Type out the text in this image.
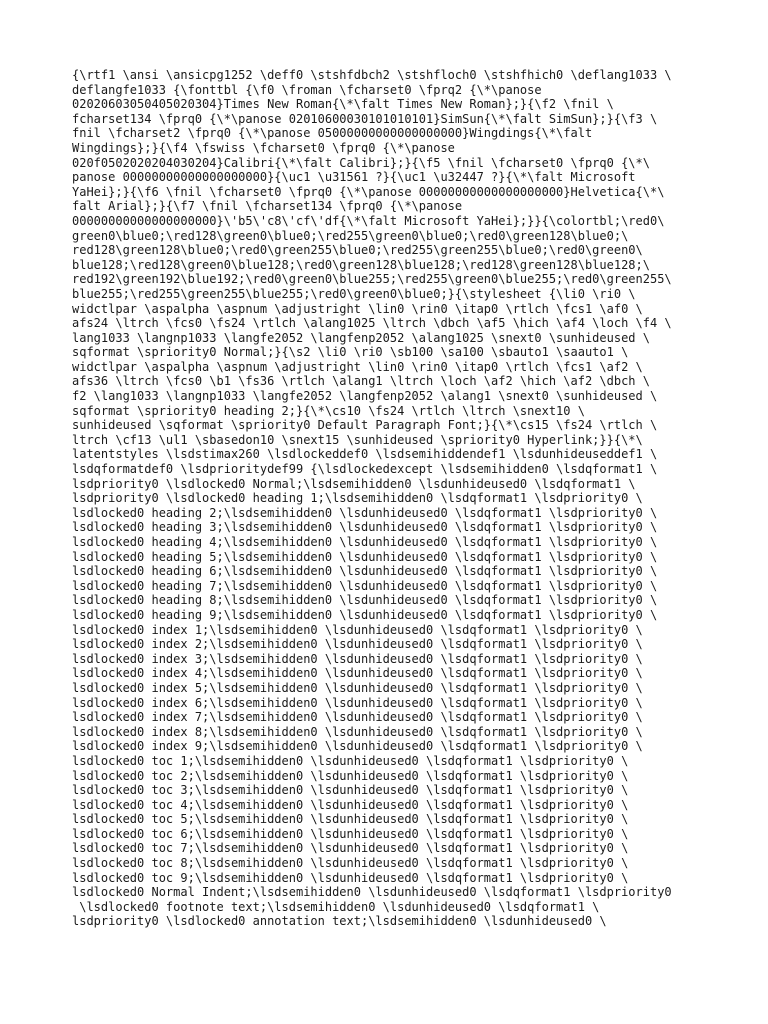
{\rtf1 \ansi \ansicpg1252 \deff0 \stshfdbch2 \stshfloch0 \stshfhich0 \deflang1033 \
deflangfe1033 {\fonttbl {\f0 \froman \fcharset0 \fprq2 {\*\panose
02020603050405020304}Times New Roman{\*\falt Times New Roman};}{\f2 \fnil \
fcharset134 \fprq0 {\*\panose 02010600030101010101}SimSun{\*\falt SimSun};}{\f3 \
fnil \fcharset2 \fprq0 {\*\panose 05000000000000000000}Wingdings{\*\falt
Wingdings};}{\f4 \fswiss \fcharset0 \fprq0 {\*\panose
020f0502020204030204}Calibri{\*\falt Calibri};}{\f5 \fnil \fcharset0 \fprq0 {\*\
panose 00000000000000000000}{\uc1 \u31561 ?}{\uc1 \u32447 ?}{\*\falt Microsoft
YaHei};}{\f6 \fnil \fcharset0 \fprq0 {\*\panose 00000000000000000000}Helvetica{\*\
falt Arial};}{\f7 \fnil \fcharset134 \fprq0 {\*\panose
00000000000000000000}\'b5\'c8\'cf\'df{\*\falt Microsoft YaHei};}}{\colortbl;\red0\
green0\blue0;\red128\green0\blue0;\red255\green0\blue0;\red0\green128\blue0;\
red128\green128\blue0;\red0\green255\blue0;\red255\green255\blue0;\red0\green0\
blue128;\red128\green0\blue128;\red0\green128\blue128;\red128\green128\blue128;\
red192\green192\blue192;\red0\green0\blue255;\red255\green0\blue255;\red0\green255\
blue255;\red255\green255\blue255;\red0\green0\blue0;}{\stylesheet {\li0 \ri0 \
widctlpar \aspalpha \aspnum \adjustright \lin0 \rin0 \itap0 \rtlch \fcs1 \af0 \
afs24 \ltrch \fcs0 \fs24 \rtlch \alang1025 \ltrch \dbch \af5 \hich \af4 \loch \f4 \
lang1033 \langnp1033 \langfe2052 \langfenp2052 \alang1025 \snext0 \sunhideused \
sqformat \spriority0 Normal;}{\s2 \li0 \ri0 \sb100 \sa100 \sbauto1 \saauto1 \
widctlpar \aspalpha \aspnum \adjustright \lin0 \rin0 \itap0 \rtlch \fcs1 \af2 \
afs36 \ltrch \fcs0 \b1 \fs36 \rtlch \alang1 \ltrch \loch \af2 \hich \af2 \dbch \
f2 \lang1033 \langnp1033 \langfe2052 \langfenp2052 \alang1 \snext0 \sunhideused \
sqformat \spriority0 heading 2;}{\*\cs10 \fs24 \rtlch \ltrch \snext10 \
sunhideused \sqformat \spriority0 Default Paragraph Font;}{\*\cs15 \fs24 \rtlch \
ltrch \cf13 \ul1 \sbasedon10 \snext15 \sunhideused \spriority0 Hyperlink;}}{\*\
latentstyles \lsdstimax260 \lsdlockeddef0 \lsdsemihiddendef1 \lsdunhideuseddef1 \
lsdqformatdef0 \lsdprioritydef99 {\lsdlockedexcept \lsdsemihidden0 \lsdqformat1 \
lsdpriority0 \lsdlocked0 Normal;\lsdsemihidden0 \lsdunhideused0 \lsdqformat1 \
lsdpriority0 \lsdlocked0 heading 1;\lsdsemihidden0 \lsdqformat1 \lsdpriority0 \
lsdlocked0 heading 2;\lsdsemihidden0 \lsdunhideused0 \lsdqformat1 \lsdpriority0 \
lsdlocked0 heading 3;\lsdsemihidden0 \lsdunhideused0 \lsdqformat1 \lsdpriority0 \
lsdlocked0 heading 4;\lsdsemihidden0 \lsdunhideused0 \lsdqformat1 \lsdpriority0 \
lsdlocked0 heading 5;\lsdsemihidden0 \lsdunhideused0 \lsdqformat1 \lsdpriority0 \
lsdlocked0 heading 6;\lsdsemihidden0 \lsdunhideused0 \lsdqformat1 \lsdpriority0 \
lsdlocked0 heading 7;\lsdsemihidden0 \lsdunhideused0 \lsdqformat1 \lsdpriority0 \
lsdlocked0 heading 8;\lsdsemihidden0 \lsdunhideused0 \lsdqformat1 \lsdpriority0 \
lsdlocked0 heading 9;\lsdsemihidden0 \lsdunhideused0 \lsdqformat1 \lsdpriority0 \
lsdlocked0 index 1;\lsdsemihidden0 \lsdunhideused0 \lsdqformat1 \lsdpriority0 \
lsdlocked0 index 2;\lsdsemihidden0 \lsdunhideused0 \lsdqformat1 \lsdpriority0 \
lsdlocked0 index 3;\lsdsemihidden0 \lsdunhideused0 \lsdqformat1 \lsdpriority0 \
lsdlocked0 index 4;\lsdsemihidden0 \lsdunhideused0 \lsdqformat1 \lsdpriority0 \
lsdlocked0 index 5;\lsdsemihidden0 \lsdunhideused0 \lsdqformat1 \lsdpriority0 \
lsdlocked0 index 6;\lsdsemihidden0 \lsdunhideused0 \lsdqformat1 \lsdpriority0 \
lsdlocked0 index 7;\lsdsemihidden0 \lsdunhideused0 \lsdqformat1 \lsdpriority0 \
lsdlocked0 index 8;\lsdsemihidden0 \lsdunhideused0 \lsdqformat1 \lsdpriority0 \
lsdlocked0 index 9;\lsdsemihidden0 \lsdunhideused0 \lsdqformat1 \lsdpriority0 \
lsdlocked0 toc 1;\lsdsemihidden0 \lsdunhideused0 \lsdqformat1 \lsdpriority0 \
lsdlocked0 toc 2;\lsdsemihidden0 \lsdunhideused0 \lsdqformat1 \lsdpriority0 \
lsdlocked0 toc 3;\lsdsemihidden0 \lsdunhideused0 \lsdqformat1 \lsdpriority0 \
lsdlocked0 toc 4;\lsdsemihidden0 \lsdunhideused0 \lsdqformat1 \lsdpriority0 \
lsdlocked0 toc 5;\lsdsemihidden0 \lsdunhideused0 \lsdqformat1 \lsdpriority0 \
lsdlocked0 toc 6;\lsdsemihidden0 \lsdunhideused0 \lsdqformat1 \lsdpriority0 \
lsdlocked0 toc 7;\lsdsemihidden0 \lsdunhideused0 \lsdqformat1 \lsdpriority0 \
lsdlocked0 toc 8;\lsdsemihidden0 \lsdunhideused0 \lsdqformat1 \lsdpriority0 \
lsdlocked0 toc 9;\lsdsemihidden0 \lsdunhideused0 \lsdqformat1 \lsdpriority0 \
lsdlocked0 Normal Indent;\lsdsemihidden0 \lsdunhideused0 \lsdqformat1 \lsdpriority0
\lsdlocked0 footnote text;\lsdsemihidden0 \lsdunhideused0 \lsdqformat1 \
lsdpriority0 \lsdlocked0 annotation text;\lsdsemihidden0 \lsdunhideused0 \
